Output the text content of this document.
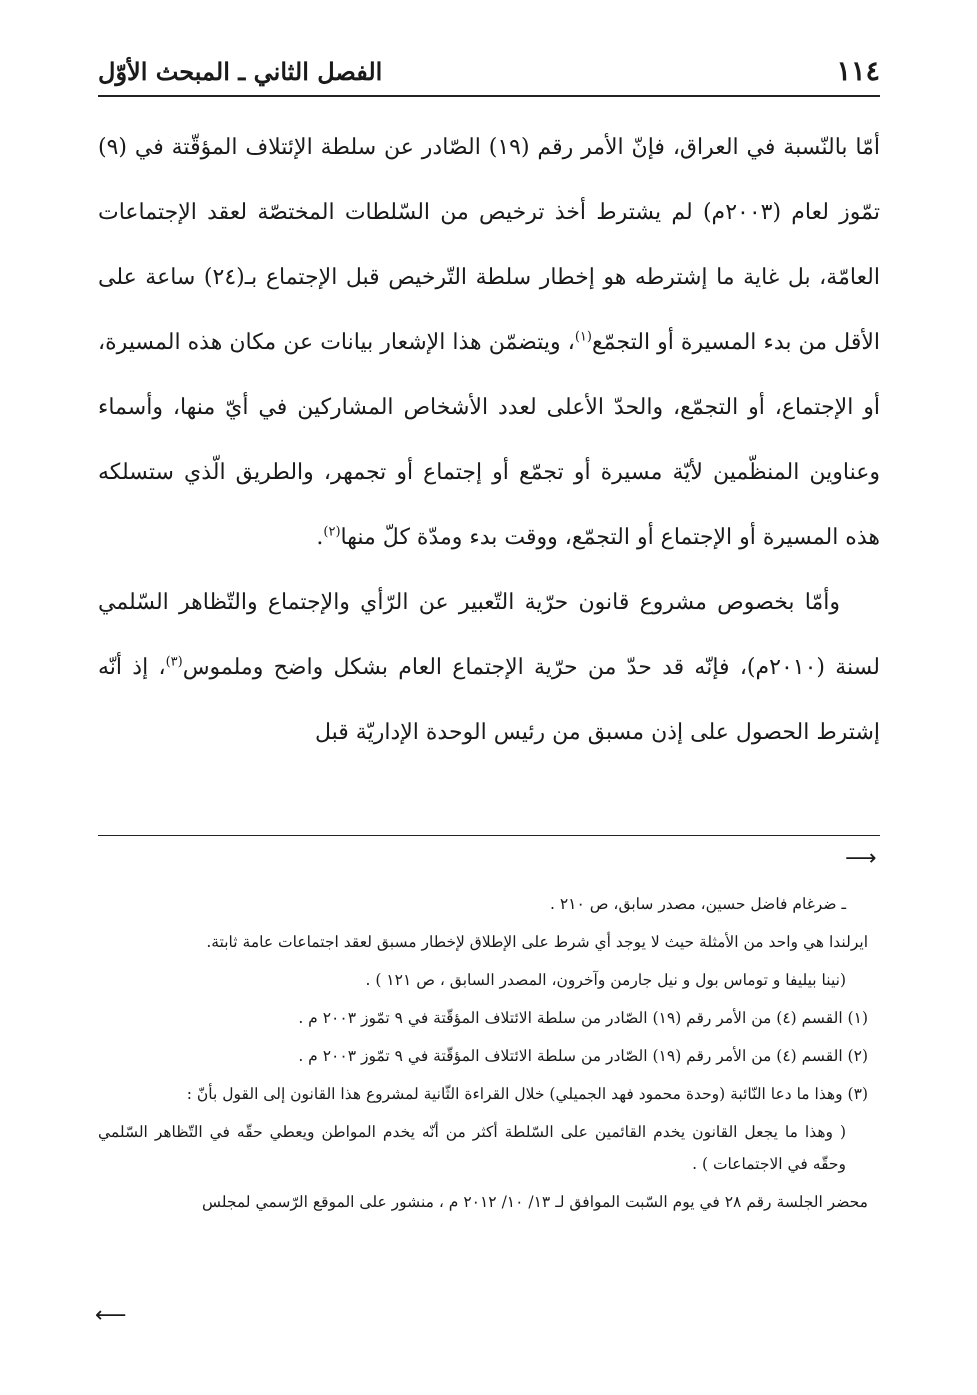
١١٤
الفصل الثاني ـ المبحث الأوّل

أمّا بالنّسبة في العراق، فإنّ الأمر رقم (١٩) الصّادر عن سلطة الإئتلاف المؤقّتة في (٩) تمّوز لعام (٢٠٠٣م) لم يشترط أخذ ترخيص من السّلطات المختصّة لعقد الإجتماعات العامّة، بل غاية ما إشترطه هو إخطار سلطة التّرخيص قبل الإجتماع بـ(٢٤) ساعة على الأقل من بدء المسيرة أو التجمّع$^{(١)}$، ويتضمّن هذا الإشعار بيانات عن مكان هذه المسيرة، أو الإجتماع، أو التجمّع، والحدّ الأعلى لعدد الأشخاص المشاركين في أيّ منها، وأسماء وعناوين المنظّمين لأيّة مسيرة أو تجمّع أو إجتماع أو تجمهر، والطريق الّذي ستسلكه هذه المسيرة أو الإجتماع أو التجمّع، ووقت بدء ومدّة كلّ منها$^{(٢)}$.

وأمّا بخصوص مشروع قانون حرّية التّعبير عن الرّأي والإجتماع والتّظاهر السّلمي لسنة (٢٠١٠م)، فإنّه قد حدّ من حرّية الإجتماع العام بشكل واضح وملموس$^{(٣)}$، إذ أنّه إشترط الحصول على إذن مسبق من رئيس الوحدة الإداريّة قبل

⟶

ـ ضرغام فاضل حسين، مصدر سابق، ص ٢١٠ .

ايرلندا هي واحد من الأمثلة حيث لا يوجد أي شرط على الإطلاق لإخطار مسبق لعقد اجتماعات عامة ثابتة.

(نينا بيليفا و توماس بول و نيل جارمن وآخرون، المصدر السابق ، ص ١٢١ ) .

(١) القسم (٤) من الأمر رقم (١٩) الصّادر من سلطة الائتلاف المؤقّتة في ٩ تمّوز ٢٠٠٣ م .

(٢) القسم (٤) من الأمر رقم (١٩) الصّادر من سلطة الائتلاف المؤقّتة في ٩ تمّوز ٢٠٠٣ م .

(٣) وهذا ما دعا النّائبة (وحدة محمود فهد الجميلي) خلال القراءة الثّانية لمشروع هذا القانون إلى القول بأنّ :

( وهذا ما يجعل القانون يخدم القائمين على السّلطة أكثر من أنّه يخدم المواطن ويعطي حقّه في التّظاهر السّلمي وحقّه في الاجتماعات ) .

محضر الجلسة رقم ٢٨ في يوم السّبت الموافق لـ ١٣/ ١٠/ ٢٠١٢ م ، منشور على الموقع الرّسمي لمجلس

⟵
